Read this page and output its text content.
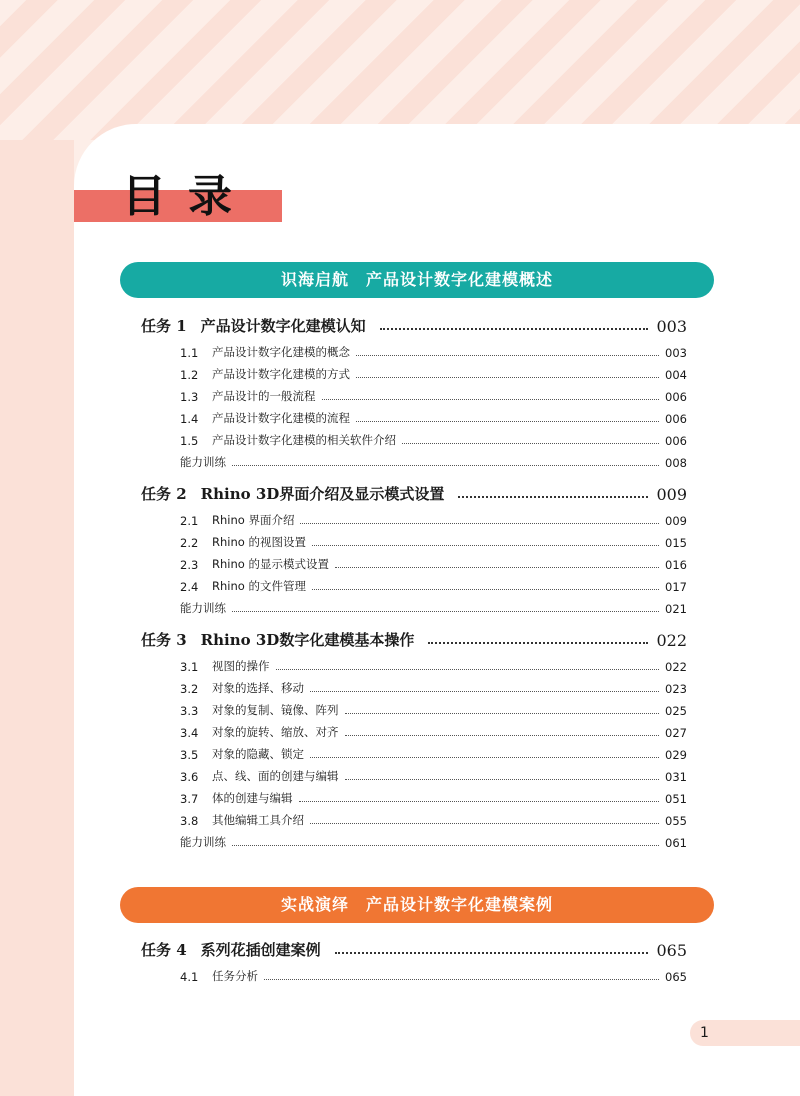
目录
识海启航　产品设计数字化建模概述
任务 1 产品设计数字化建模认知	003
1.1	产品设计数字化建模的概念	003
1.2	产品设计数字化建模的方式	004
1.3	产品设计的一般流程	006
1.4	产品设计数字化建模的流程	006
1.5	产品设计数字化建模的相关软件介绍	006
能力训练	008
任务 2 Rhino 3D界面介绍及显示模式设置	009
2.1	Rhino 界面介绍	009
2.2	Rhino 的视图设置	015
2.3	Rhino 的显示模式设置	016
2.4	Rhino 的文件管理	017
能力训练	021
任务 3 Rhino 3D数字化建模基本操作	022
3.1	视图的操作	022
3.2	对象的选择、移动	023
3.3	对象的复制、镜像、阵列	025
3.4	对象的旋转、缩放、对齐	027
3.5	对象的隐藏、锁定	029
3.6	点、线、面的创建与编辑	031
3.7	体的创建与编辑	051
3.8	其他编辑工具介绍	055
能力训练	061
实战演绎　产品设计数字化建模案例
任务 4 系列花插创建案例	065
4.1	任务分析	065
1
